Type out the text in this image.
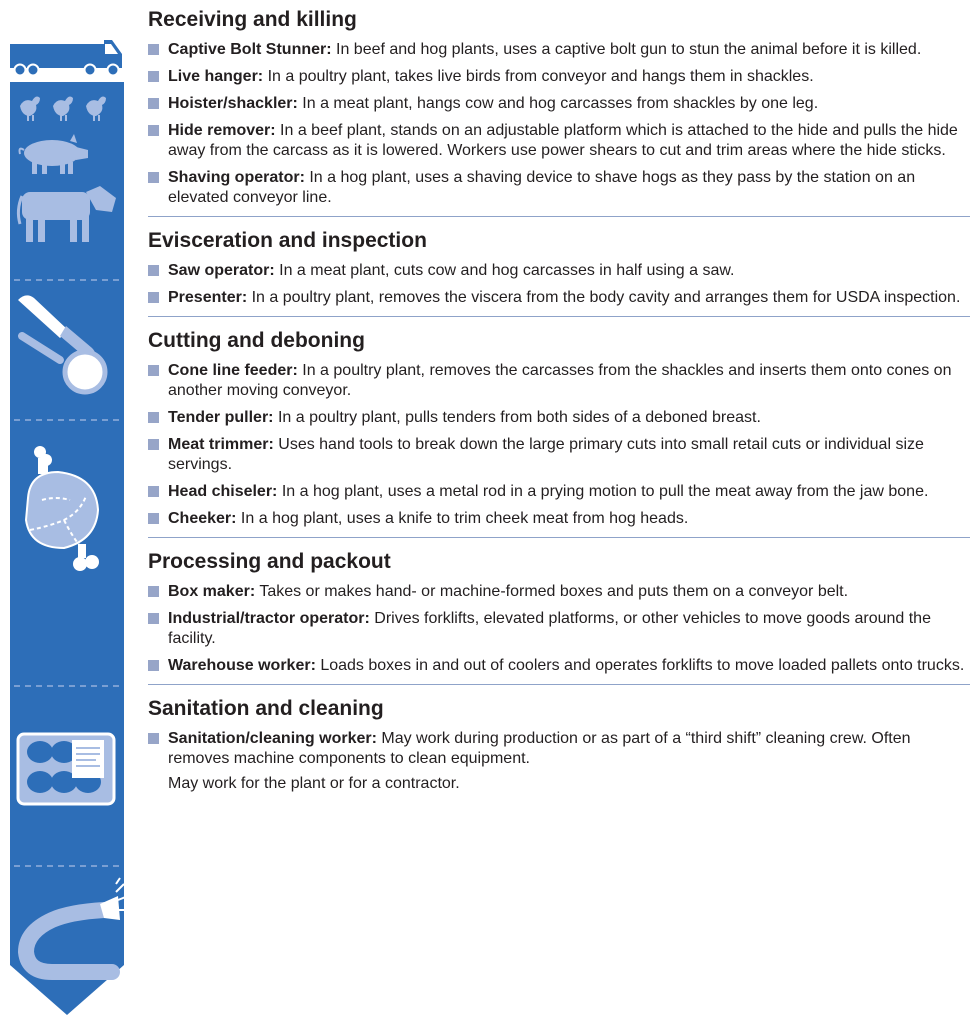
Receiving and killing
Captive Bolt Stunner: In beef and hog plants, uses a captive bolt gun to stun the animal before it is killed.
Live hanger: In a poultry plant, takes live birds from conveyor and hangs them in shackles.
Hoister/shackler: In a meat plant, hangs cow and hog carcasses from shackles by one leg.
Hide remover: In a beef plant, stands on an adjustable platform which is attached to the hide and pulls the hide away from the carcass as it is lowered. Workers use power shears to cut and trim areas where the hide sticks.
Shaving operator: In a hog plant, uses a shaving device to shave hogs as they pass by the station on an elevated conveyor line.
Evisceration and inspection
Saw operator: In a meat plant, cuts cow and hog carcasses in half using a saw.
Presenter: In a poultry plant, removes the viscera from the body cavity and arranges them for USDA inspection.
Cutting and deboning
Cone line feeder: In a poultry plant, removes the carcasses from the shackles and inserts them onto cones on another moving conveyor.
Tender puller: In a poultry plant, pulls tenders from both sides of a deboned breast.
Meat trimmer: Uses hand tools to break down the large primary cuts into small retail cuts or individual size servings.
Head chiseler: In a hog plant, uses a metal rod in a prying motion to pull the meat away from the jaw bone.
Cheeker: In a hog plant, uses a knife to trim cheek meat from hog heads.
Processing and packout
Box maker: Takes or makes hand- or machine-formed boxes and puts them on a conveyor belt.
Industrial/tractor operator: Drives forklifts, elevated platforms, or other vehicles to move goods around the facility.
Warehouse worker: Loads boxes in and out of coolers and operates forklifts to move loaded pallets onto trucks.
Sanitation and cleaning
Sanitation/cleaning worker: May work during production or as part of a “third shift” cleaning crew. Often removes machine components to clean equipment.
May work for the plant or for a contractor.
